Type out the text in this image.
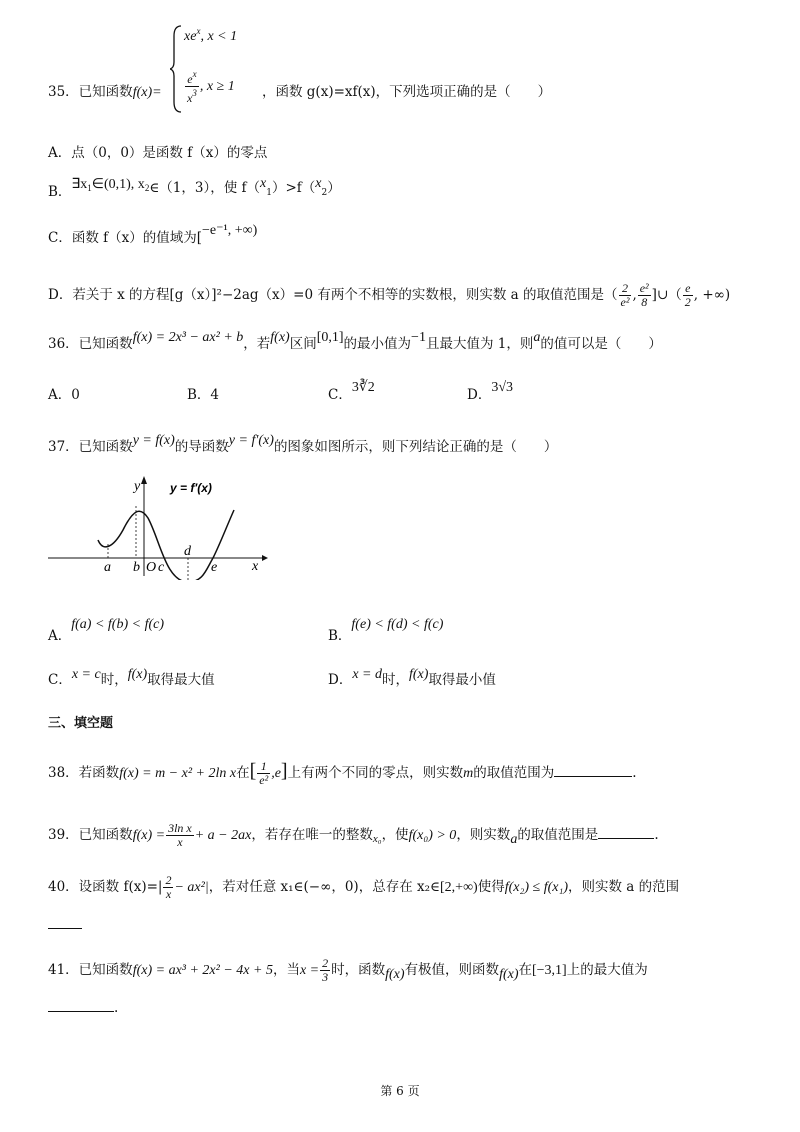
35．已知函数f(x)=
$xe^x$, x < 1
$\frac{e^x}{x^3}$ , x ≥ 1 ，函数 g(x)=xf(x)，下列选项正确的是（　　）
A．点（0，0）是函数 f（x）的零点
B．$\exists x_1\in(0,1)$, $x_2\in(1$，3），使 $f(x_1)>f(x_2)$
C．函数 f（x）的值域为[−e⁻¹, +∞)
D．若关于 x 的方程[g（x）]²−2ag（x）=0 有两个不相等的实数根，则实数 a 的取值范围是（ $\frac{2}{\text{e²}}$ , $\frac{\text{e²}}{8}$ ]∪（ $\frac{e}{2}$ , +∞)
36．已知函数f(x) = 2x³ − ax² + b，若f(x)区间[0,1]的最小值为−1且最大值为 1，则a的值可以是（　　）
A．0	B．4	C．3∛2	D．3√3
37．已知函数y = f(x)的导函数y = f′(x)的图象如图所示，则下列结论正确的是（　　）
y y = f′(x)
x
a b O c
d
e
A．f(a) < f(b) < f(c)
B．f(e) < f(d) < f(c)
C．x = c时，f(x)取得最大值	D．x = d时，f(x)取得最小值
三、填空题
38．若函数f(x) = m − x² + 2ln x在[ $\frac{1}{\text{e²}} ,e$]上有两个不同的零点，则实数m的取值范围为	.
39．已知函数$f(x) = \frac{\text{3ln x}}{x} + a - 2ax$，若存在唯一的整数$_{x_0}$，使f(x₀) > 0，则实数a的取值范围是	.
40．设函数 $f(x)=| \frac{2}{x} - ax^2|$，若对任意 x₁∈(−∞，0)，总存在 x₂∈[2,+∞)使得f(x₂) ≤ f(x₁)，则实数 a 的范围
41．已知函数f(x) = ax³ + 2x² − 4x + 5，当$x = \frac{2}{3}$ 时，函数f(x)有极值，则函数f(x)在[−3,1]上的最大值为
.
第 6 页
